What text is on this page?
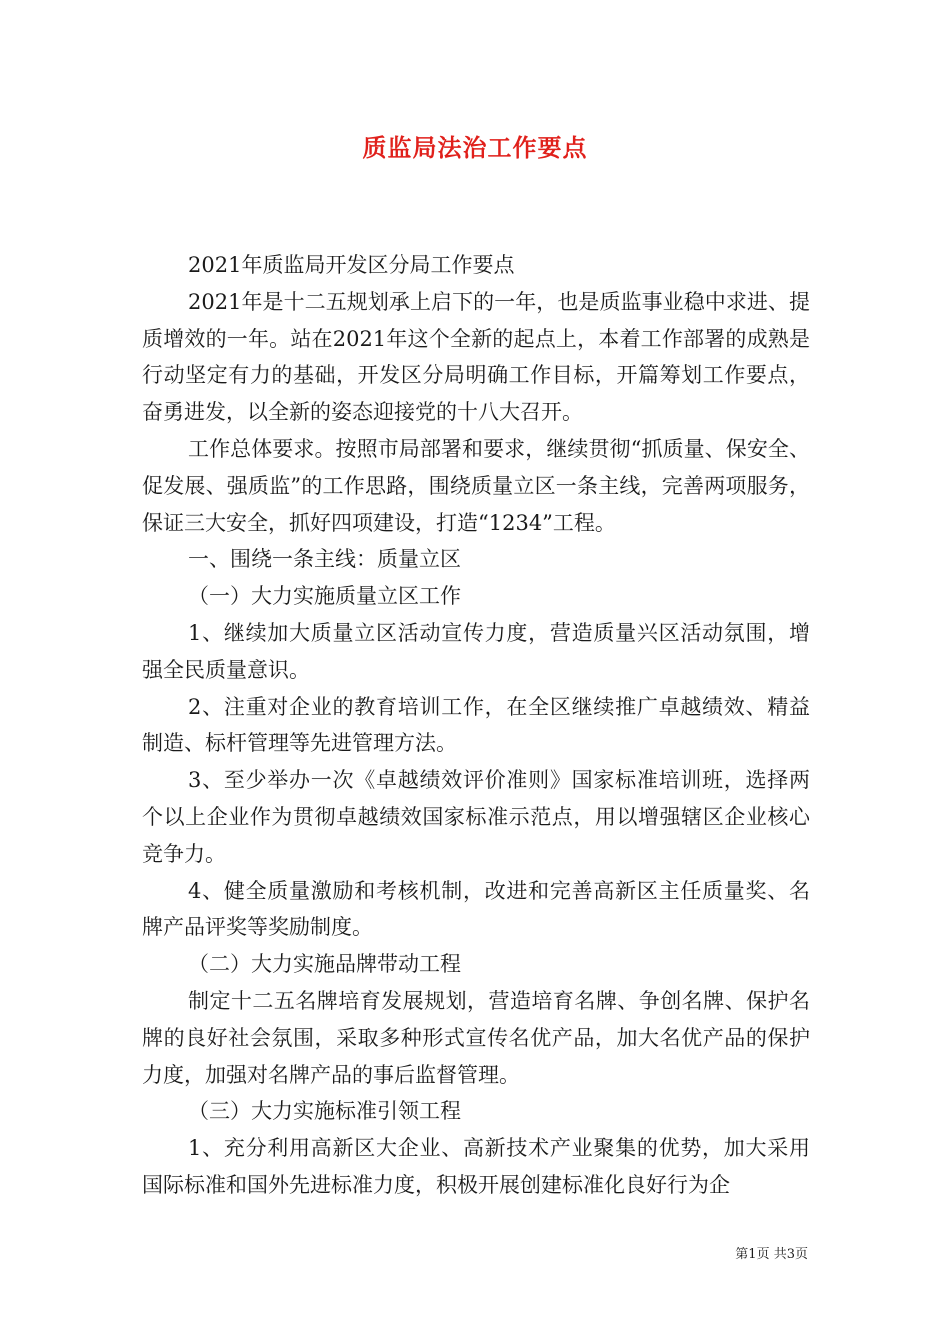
质监局法治工作要点

2021年质监局开发区分局工作要点

2021年是十二五规划承上启下的一年，也是质监事业稳中求进、提质增效的一年。站在2021年这个全新的起点上，本着工作部署的成熟是行动坚定有力的基础，开发区分局明确工作目标，开篇筹划工作要点，奋勇进发，以全新的姿态迎接党的十八大召开。

工作总体要求。按照市局部署和要求，继续贯彻“抓质量、保安全、促发展、强质监”的工作思路，围绕质量立区一条主线，完善两项服务，保证三大安全，抓好四项建设，打造“1234”工程。

一、围绕一条主线：质量立区

（一）大力实施质量立区工作

1、继续加大质量立区活动宣传力度，营造质量兴区活动氛围，增强全民质量意识。

2、注重对企业的教育培训工作，在全区继续推广卓越绩效、精益制造、标杆管理等先进管理方法。

3、至少举办一次《卓越绩效评价准则》国家标准培训班，选择两个以上企业作为贯彻卓越绩效国家标准示范点，用以增强辖区企业核心竞争力。

4、健全质量激励和考核机制，改进和完善高新区主任质量奖、名牌产品评奖等奖励制度。

（二）大力实施品牌带动工程

制定十二五名牌培育发展规划，营造培育名牌、争创名牌、保护名牌的良好社会氛围，采取多种形式宣传名优产品，加大名优产品的保护力度，加强对名牌产品的事后监督管理。

（三）大力实施标准引领工程

1、充分利用高新区大企业、高新技术产业聚集的优势，加大采用国际标准和国外先进标准力度，积极开展创建标准化良好行为企

第1页 共3页
